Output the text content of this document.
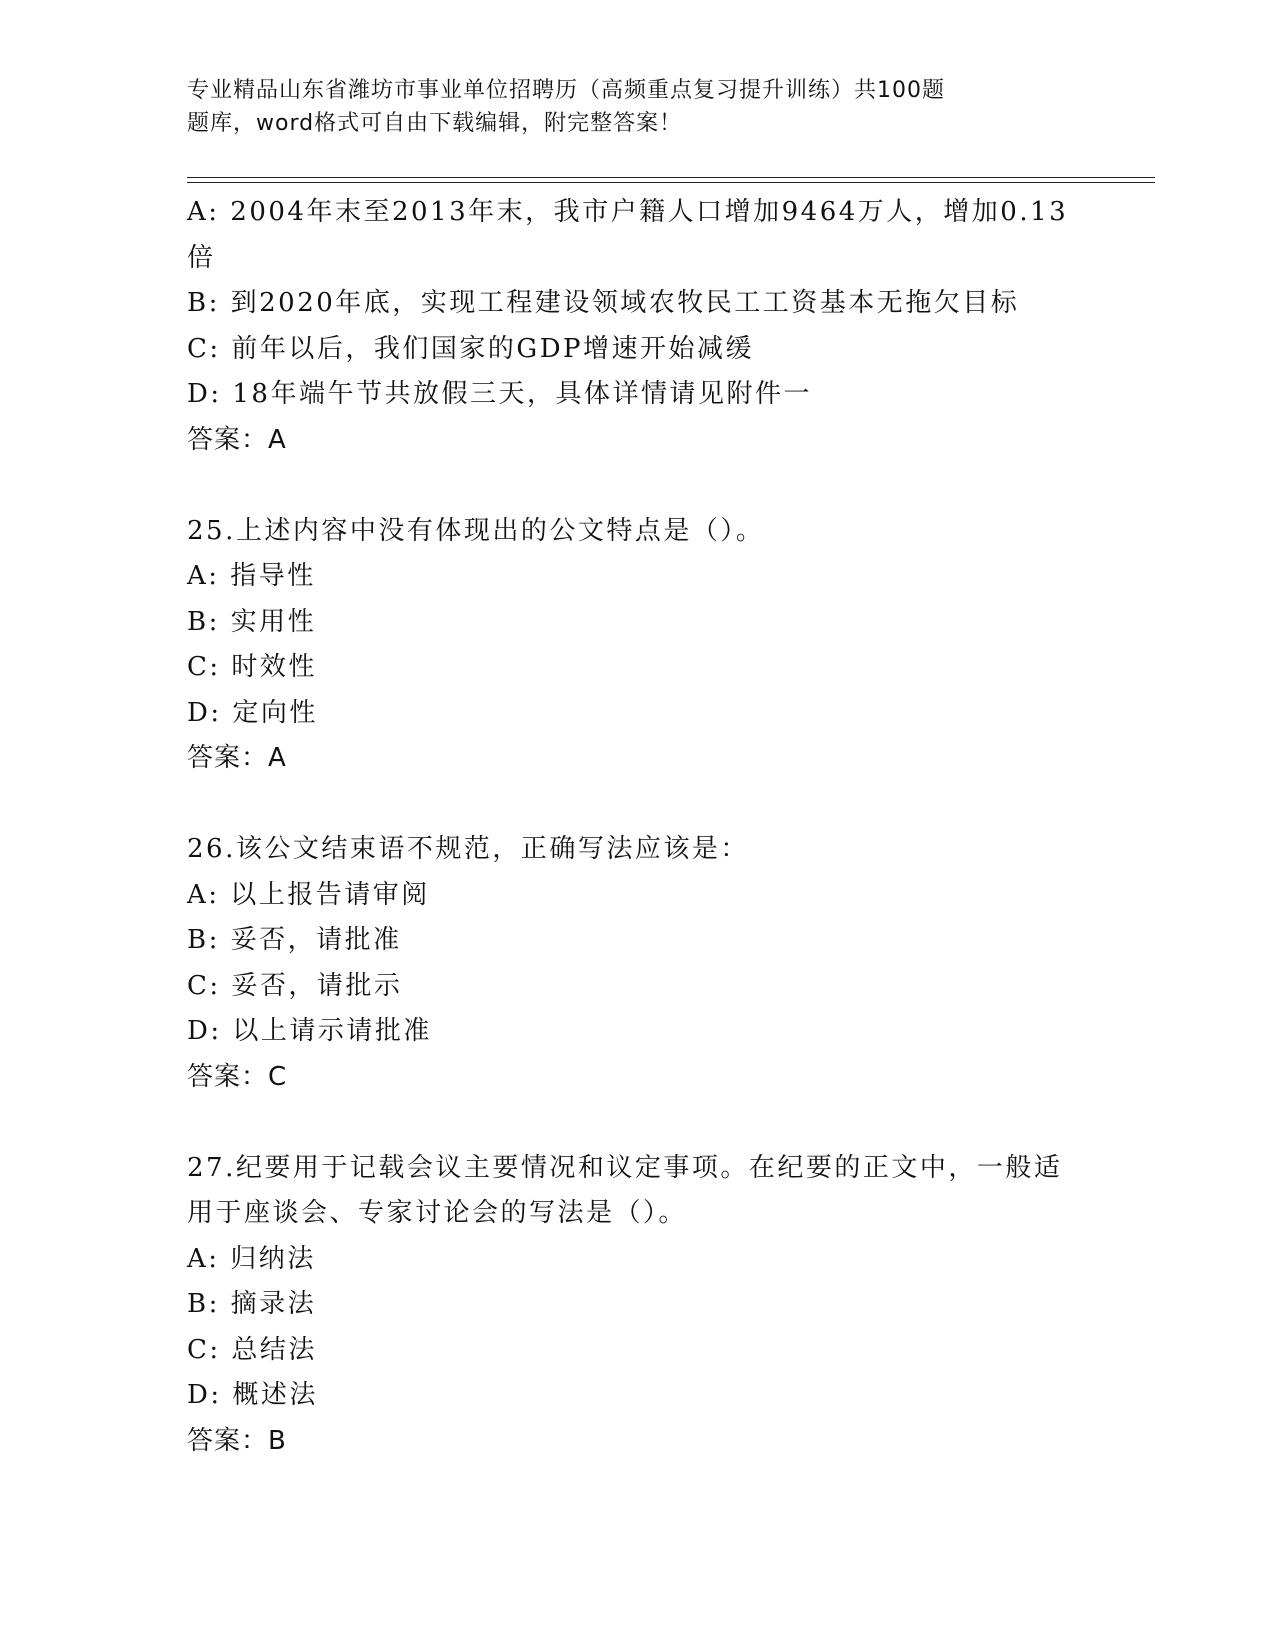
专业精品山东省潍坊市事业单位招聘历（高频重点复习提升训练）共100题
题库，word格式可自由下载编辑，附完整答案！
A: 2004年末至2013年末，我市户籍人口增加9464万人，增加0.13
倍
B: 到2020年底，实现工程建设领域农牧民工工资基本无拖欠目标
C: 前年以后，我们国家的GDP增速开始减缓
D: 18年端午节共放假三天，具体详情请见附件一
答案：A
25.上述内容中没有体现出的公文特点是（）。
A: 指导性
B: 实用性
C: 时效性
D: 定向性
答案：A
26.该公文结束语不规范，正确写法应该是：
A: 以上报告请审阅
B: 妥否，请批准
C: 妥否，请批示
D: 以上请示请批准
答案：C
27.纪要用于记载会议主要情况和议定事项。在纪要的正文中，一般适
用于座谈会、专家讨论会的写法是（）。
A: 归纳法
B: 摘录法
C: 总结法
D: 概述法
答案：B
